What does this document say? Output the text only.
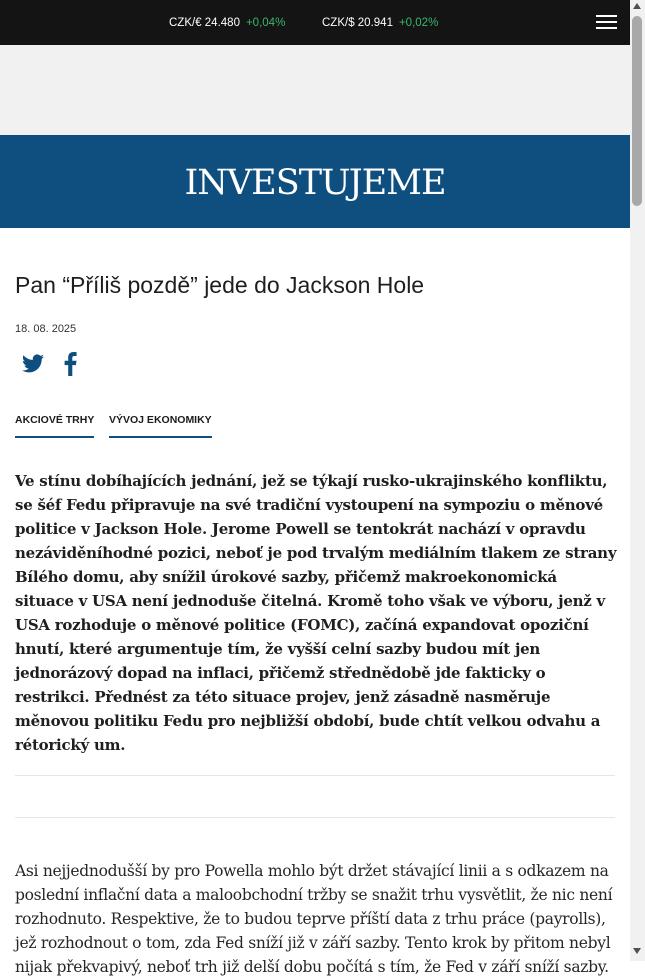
CZK/€ 24.480 +0,04%	CZK/$ 20.941 +0,02%
INVESTUJEME
Pan “Příliš pozdě” jede do Jackson Hole
18. 08. 2025
AKCIOVÉ TRHY VÝVOJ EKONOMIKY

Ve stínu dobíhajících jednání, jež se týkají rusko-ukrajinského konfliktu, se šéf Fedu připravuje na své tradiční vystoupení na sympoziu o měnové politice v Jackson Hole. Jerome Powell se tentokrát nachází v opravdu nezáviděníhodné pozici, neboť je pod trvalým mediálním tlakem ze strany Bílého domu, aby snížil úrokové sazby, přičemž makroekonomická situace v USA není jednoduše čitelná. Kromě toho však ve výboru, jenž v USA rozhoduje o měnové politice (FOMC), začíná expandovat opoziční hnutí, které argumentuje tím, že vyšší celní sazby budou mít jen jednorázový dopad na inflaci, přičemž střednědobě jde fakticky o restrikci. Přednést za této situace projev, jenž zásadně nasměruje měnovou politiku Fedu pro nejbližší období, bude chtít velkou odvahu a rétorický um.

Asi nejjednodušší by pro Powella mohlo být držet stávající linii a s odkazem na poslední inflační data a maloobchodní tržby se snažit trhu vysvětlit, že nic není rozhodnuto. Respektive, že to budou teprve příští data z trhu práce (payrolls), jež rozhodnout o tom, zda Fed sníží již v září sazby. Tento krok by přitom nebyl nijak překvapivý, neboť trh již delší dobu počítá s tím, že Fed v září sníží sazby.
